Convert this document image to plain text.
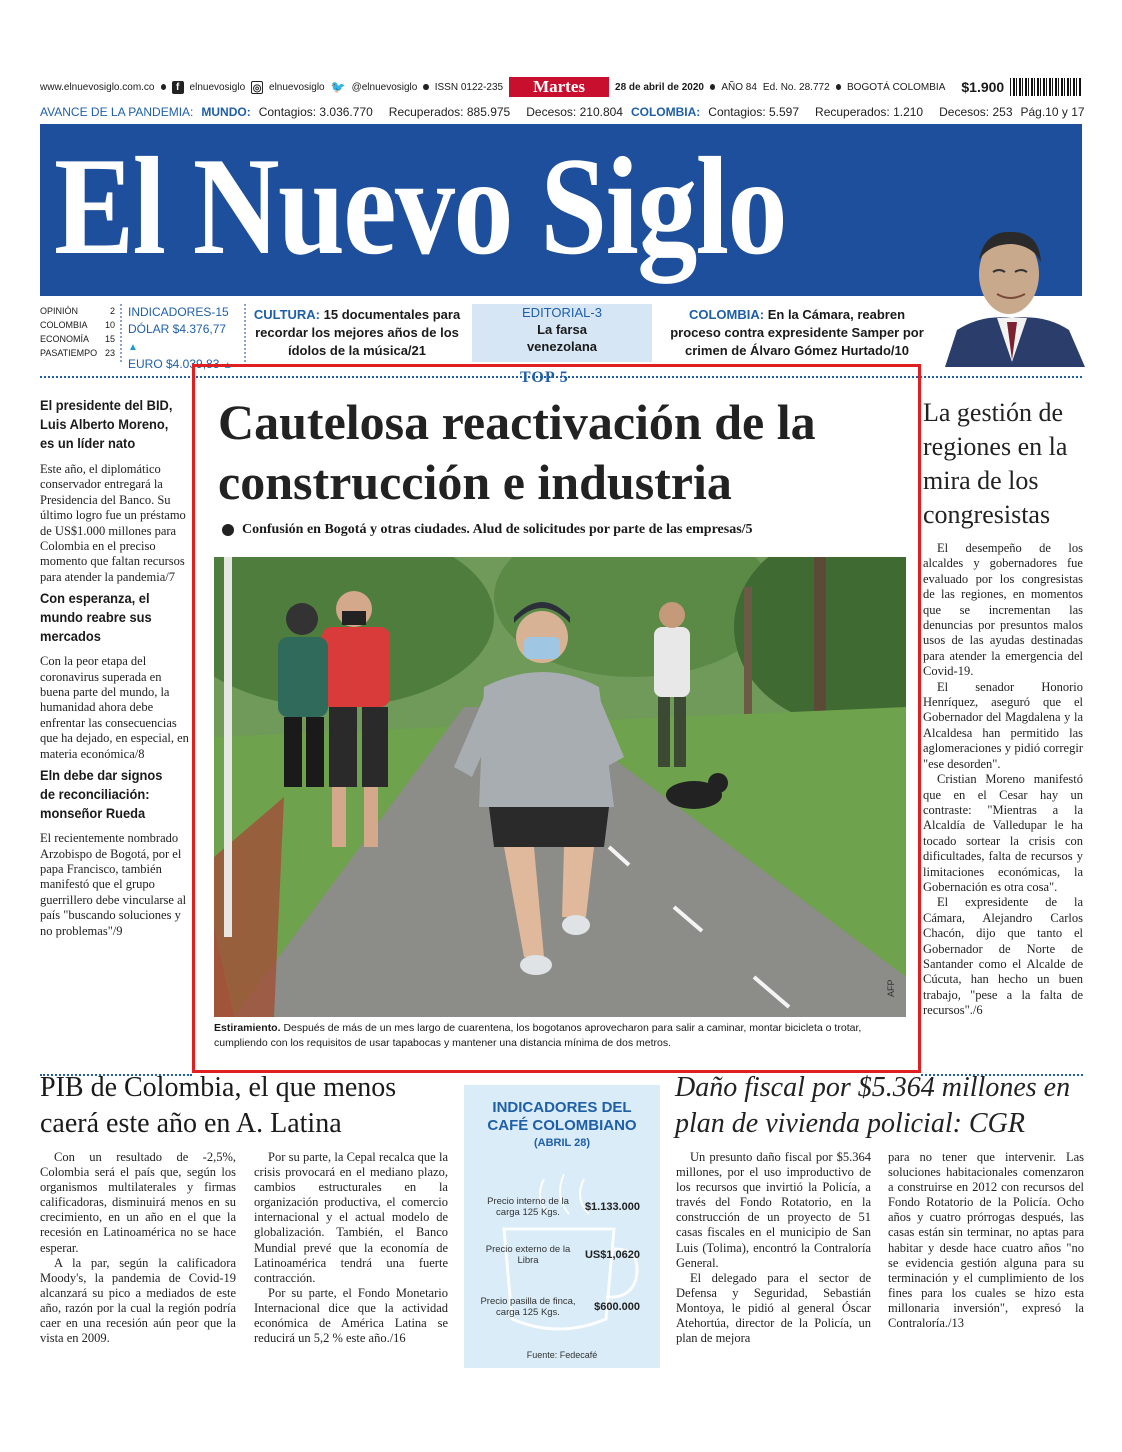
www.elnuevosiglo.com.co	f	elnuevosiglo ◎ elnuevosiglo 🐦 @elnuevosiglo ISSN 0122-235	Martes	28 de abril de 2020 AÑO 84 Ed. No. 28.772 BOGOTÁ COLOMBIA $1.900
AVANCE DE LA PANDEMIA: MUNDO: Contagios: 3.036.770 Recuperados: 885.975 Decesos: 210.804 COLOMBIA: Contagios: 5.597 Recuperados: 1.210 Decesos: 253 Pág.10 y 17
El Nuevo Siglo
OPINIÓN	2
COLOMBIA 10
ECONOMÍA 15
PASATIEMPO 23
INDICADORES-15
DÓLAR $4.376,77 ▲
EURO $4.039,83 ▲
CULTURA: 15 documentales para recordar los mejores años de los ídolos de la música/21
EDITORIAL-3
La farsa venezolana
COLOMBIA: En la Cámara, reabren proceso contra expresidente Samper por crimen de Álvaro Gómez Hurtado/10
El presidente del BID, Luis Alberto Moreno, es un líder nato
Este año, el diplomático conservador entregará la Presidencia del Banco. Su último logro fue un préstamo de US$1.000 millones para Colombia en el preciso momento que faltan recursos para atender la pandemia/7
Con esperanza, el mundo reabre sus mercados
Con la peor etapa del coronavirus superada en buena parte del mundo, la humanidad ahora debe enfrentar las consecuencias que ha dejado, en especial, en materia económica/8
Eln debe dar signos de reconciliación: monseñor Rueda
El recientemente nombrado Arzobispo de Bogotá, por el papa Francisco, también manifestó que el grupo guerrillero debe vincularse al país "buscando soluciones y no problemas"/9
TOP 5
Cautelosa reactivación de la construcción e industria
Confusión en Bogotá y otras ciudades. Alud de solicitudes por parte de las empresas/5
AFP
Estiramiento. Después de más de un mes largo de cuarentena, los bogotanos aprovecharon para salir a caminar, montar bicicleta o trotar, cumpliendo con los requisitos de usar tapabocas y mantener una distancia mínima de dos metros.
La gestión de regiones en la mira de los congresistas

El desempeño de los alcaldes y gobernadores fue evaluado por los congresistas de las regiones, en momentos que se incrementan las denuncias por presuntos malos usos de las ayudas destinadas para atender la emergencia del Covid-19.

El senador Honorio Henríquez, aseguró que el Gobernador del Magdalena y la Alcaldesa han permitido las aglomeraciones y pidió corregir "ese desorden".

Cristian Moreno manifestó que en el Cesar hay un contraste: "Mientras a la Alcaldía de Valledupar le ha tocado sortear la crisis con dificultades, falta de recursos y limitaciones económicas, la Gobernación es otra cosa".

El expresidente de la Cámara, Alejandro Carlos Chacón, dijo que tanto el Gobernador de Norte de Santander como el Alcalde de Cúcuta, han hecho un buen trabajo, "pese a la falta de recursos"./6

PIB de Colombia, el que menos caerá este año en A. Latina

Con un resultado de -2,5%, Colombia será el país que, según los organismos multilaterales y firmas calificadoras, disminuirá menos en su crecimiento, en un año en el que la recesión en Latinoamérica no se hace esperar.

A la par, según la calificadora Moody's, la pandemia de Covid-19 alcanzará su pico a mediados de este año, razón por la cual la región podría caer en una recesión aún peor que la vista en 2009.

Por su parte, la Cepal recalca que la crisis provocará en el mediano plazo, cambios estructurales en la organización productiva, el comercio internacional y el actual modelo de globalización. También, el Banco Mundial prevé que la economía de Latinoamérica tendrá una fuerte contracción.

Por su parte, el Fondo Monetario Internacional dice que la actividad económica de América Latina se reducirá un 5,2 % este año./16

INDICADORES DEL CAFÉ COLOMBIANO
(ABRIL 28)
Precio interno de la carga 125 Kgs.	$1.133.000
Precio externo de la Libra	US$1,0620
Precio pasilla de finca, carga 125 Kgs.	$600.000
Fuente: Fedecafé
Daño fiscal por $5.364 millones en plan de vivienda policial: CGR

Un presunto daño fiscal por $5.364 millones, por el uso improductivo de los recursos que invirtió la Policía, a través del Fondo Rotatorio, en la construcción de un proyecto de 51 casas fiscales en el municipio de San Luis (Tolima), encontró la Contraloría General.

El delegado para el sector de Defensa y Seguridad, Sebastián Montoya, le pidió al general Óscar Atehortúa, director de la Policía, un plan de mejora

para no tener que intervenir. Las soluciones habitacionales comenzaron a construirse en 2012 con recursos del Fondo Rotatorio de la Policía. Ocho años y cuatro prórrogas después, las casas están sin terminar, no aptas para habitar y desde hace cuatro años "no se evidencia gestión alguna para su terminación y el cumplimiento de los fines para los cuales se hizo esta millonaria inversión", expresó la Contraloría./13
